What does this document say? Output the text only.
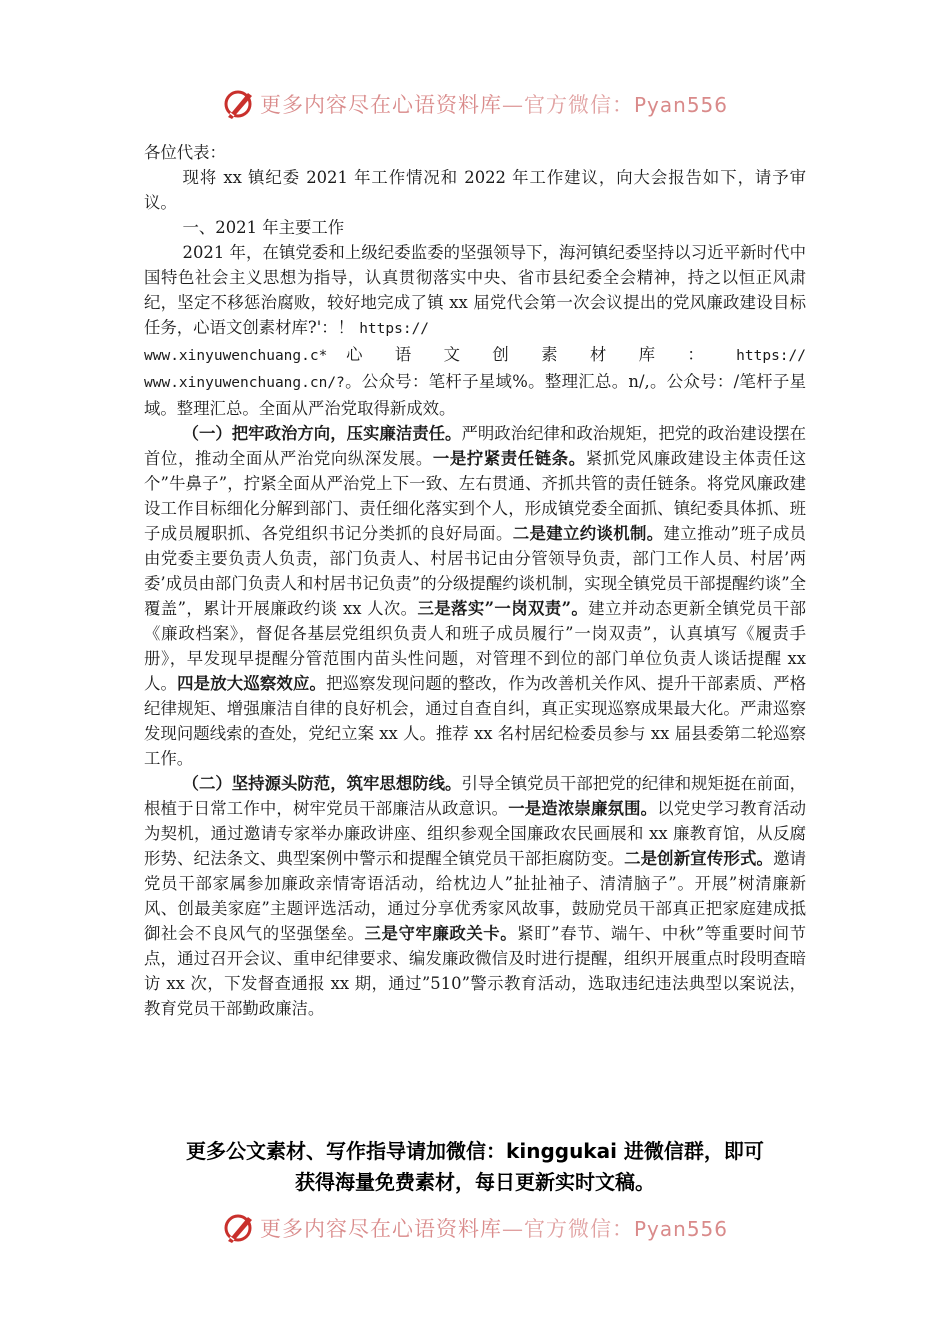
更多内容尽在心语资料库—官方微信：Pyan556

各位代表：

现将 xx 镇纪委 2021 年工作情况和 2022 年工作建议，向大会报告如下，请予审议。

一、2021 年主要工作

2021 年，在镇党委和上级纪委监委的坚强领导下，海河镇纪委坚持以习近平新时代中国特色社会主义思想为指导，认真贯彻落实中央、省市县纪委全会精神，持之以恒正风肃纪，坚定不移惩治腐败，较好地完成了镇 xx 届党代会第一次会议提出的党风廉政建设目标任务，心语文创素材库?'：！ https://

www.xinyuwenchuang.c* 心 语 文 创 素 材 库 ： https://

www.xinyuwenchuang.cn/?。公众号：笔杆子星域%。整理汇总。n/,。公众号：/笔杆子星域。整理汇总。全面从严治党取得新成效。

（一）把牢政治方向，压实廉洁责任。严明政治纪律和政治规矩，把党的政治建设摆在首位，推动全面从严治党向纵深发展。一是拧紧责任链条。紧抓党风廉政建设主体责任这个”牛鼻子”，拧紧全面从严治党上下一致、左右贯通、齐抓共管的责任链条。将党风廉政建设工作目标细化分解到部门、责任细化落实到个人，形成镇党委全面抓、镇纪委具体抓、班子成员履职抓、各党组织书记分类抓的良好局面。二是建立约谈机制。建立推动”班子成员由党委主要负责人负责，部门负责人、村居书记由分管领导负责，部门工作人员、村居’两委’成员由部门负责人和村居书记负责”的分级提醒约谈机制，实现全镇党员干部提醒约谈”全覆盖”，累计开展廉政约谈 xx 人次。三是落实”一岗双责”。建立并动态更新全镇党员干部《廉政档案》，督促各基层党组织负责人和班子成员履行”一岗双责”，认真填写《履责手册》，早发现早提醒分管范围内苗头性问题，对管理不到位的部门单位负责人谈话提醒 xx 人。四是放大巡察效应。把巡察发现问题的整改，作为改善机关作风、提升干部素质、严格纪律规矩、增强廉洁自律的良好机会，通过自查自纠，真正实现巡察成果最大化。严肃巡察发现问题线索的查处，党纪立案 xx 人。推荐 xx 名村居纪检委员参与 xx 届县委第二轮巡察工作。

（二）坚持源头防范，筑牢思想防线。引导全镇党员干部把党的纪律和规矩挺在前面，根植于日常工作中，树牢党员干部廉洁从政意识。一是造浓崇廉氛围。以党史学习教育活动为契机，通过邀请专家举办廉政讲座、组织参观全国廉政农民画展和 xx 廉教育馆，从反腐形势、纪法条文、典型案例中警示和提醒全镇党员干部拒腐防变。二是创新宣传形式。邀请党员干部家属参加廉政亲情寄语活动，给枕边人”扯扯袖子、清清脑子”。开展”树清廉新风、创最美家庭”主题评选活动，通过分享优秀家风故事，鼓励党员干部真正把家庭建成抵御社会不良风气的坚强堡垒。三是守牢廉政关卡。紧盯”春节、端午、中秋”等重要时间节点，通过召开会议、重申纪律要求、编发廉政微信及时进行提醒，组织开展重点时段明查暗访 xx 次，下发督查通报 xx 期，通过”510”警示教育活动，选取违纪违法典型以案说法，教育党员干部勤政廉洁。

更多公文素材、写作指导请加微信：kinggukai 进微信群，即可
获得海量免费素材，每日更新实时文稿。
更多内容尽在心语资料库—官方微信：Pyan556
